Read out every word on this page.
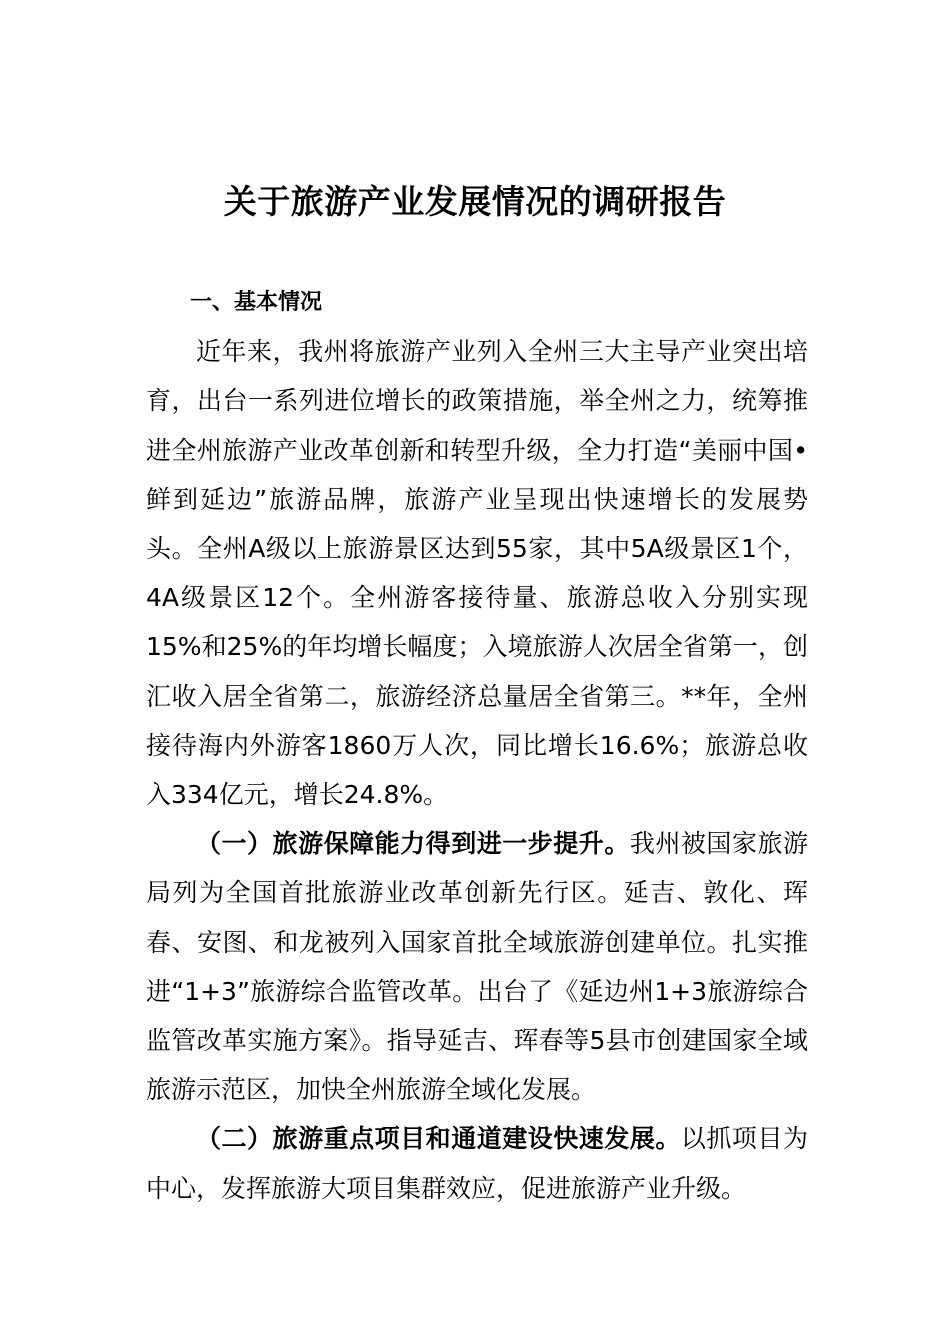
关于旅游产业发展情况的调研报告

一、基本情况

近年来，我州将旅游产业列入全州三大主导产业突出培育，出台一系列进位增长的政策措施，举全州之力，统筹推进全州旅游产业改革创新和转型升级，全力打造“美丽中国•鲜到延边”旅游品牌，旅游产业呈现出快速增长的发展势头。全州A级以上旅游景区达到55家，其中5A级景区1个，4A级景区12个。全州游客接待量、旅游总收入分别实现15%和25%的年均增长幅度；入境旅游人次居全省第一，创汇收入居全省第二，旅游经济总量居全省第三。**年，全州接待海内外游客1860万人次，同比增长16.6%；旅游总收入334亿元，增长24.8%。

（一）旅游保障能力得到进一步提升。我州被国家旅游局列为全国首批旅游业改革创新先行区。延吉、敦化、珲春、安图、和龙被列入国家首批全域旅游创建单位。扎实推进“1+3”旅游综合监管改革。出台了《延边州1+3旅游综合监管改革实施方案》。指导延吉、珲春等5县市创建国家全域旅游示范区，加快全州旅游全域化发展。

（二）旅游重点项目和通道建设快速发展。以抓项目为中心，发挥旅游大项目集群效应，促进旅游产业升级。
